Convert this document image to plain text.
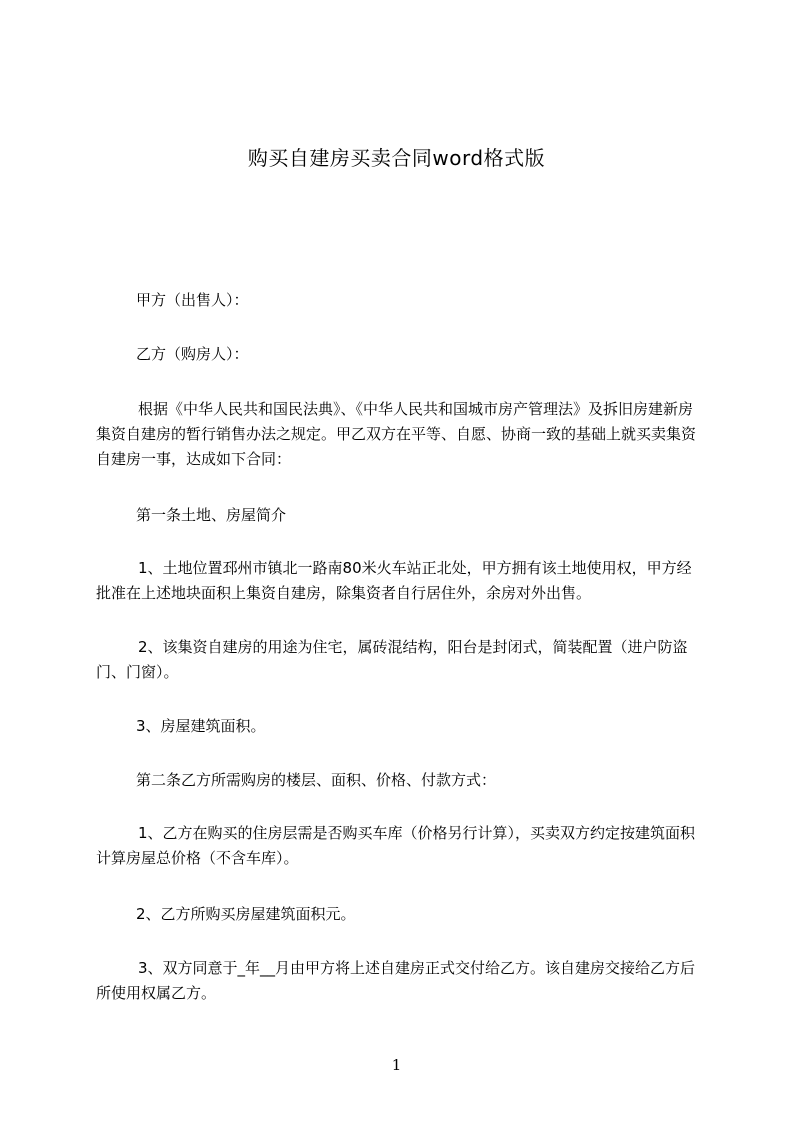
购买自建房买卖合同word格式版

甲方（出售人）：

乙方（购房人）：

根据《中华人民共和国民法典》、《中华人民共和国城市房产管理法》及拆旧房建新房集资自建房的暂行销售办法之规定。甲乙双方在平等、自愿、协商一致的基础上就买卖集资自建房一事，达成如下合同：

第一条土地、房屋简介

1、土地位置邳州市镇北一路南80米火车站正北处，甲方拥有该土地使用权，甲方经批准在上述地块面积上集资自建房，除集资者自行居住外，余房对外出售。

2、该集资自建房的用途为住宅，属砖混结构，阳台是封闭式，简装配置（进户防盗门、门窗）。

3、房屋建筑面积。

第二条乙方所需购房的楼层、面积、价格、付款方式：

1、乙方在购买的住房层需是否购买车库（价格另行计算），买卖双方约定按建筑面积计算房屋总价格（不含车库）。

2、乙方所购买房屋建筑面积元。

3、双方同意于_年__月由甲方将上述自建房正式交付给乙方。该自建房交接给乙方后所使用权属乙方。

1
